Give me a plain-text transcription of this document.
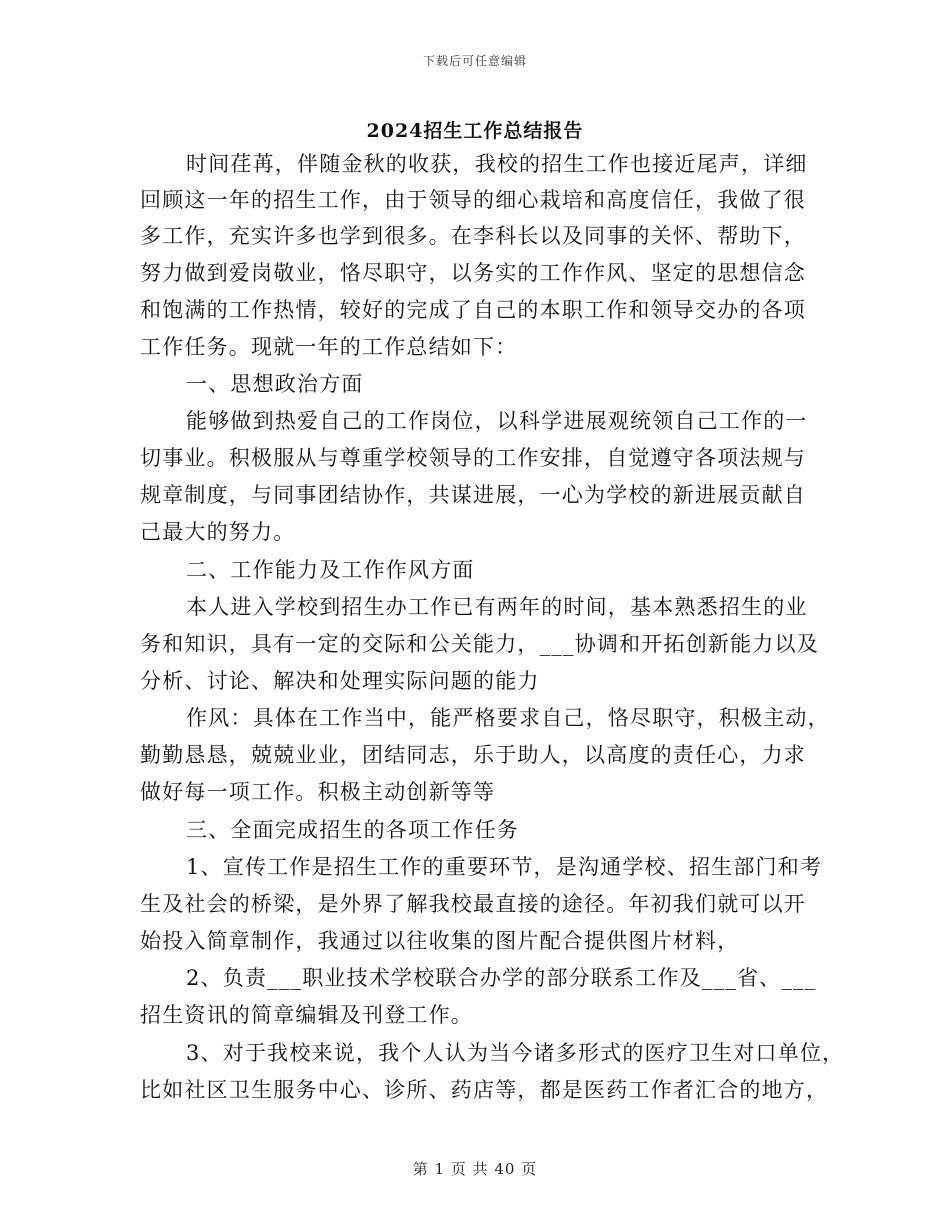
下载后可任意编辑
2024招生工作总结报告
时间荏苒，伴随金秋的收获，我校的招生工作也接近尾声，详细
回顾这一年的招生工作，由于领导的细心栽培和高度信任，我做了很
多工作，充实许多也学到很多。在李科长以及同事的关怀、帮助下，
努力做到爱岗敬业，恪尽职守，以务实的工作作风、坚定的思想信念
和饱满的工作热情，较好的完成了自己的本职工作和领导交办的各项
工作任务。现就一年的工作总结如下：
一、思想政治方面
能够做到热爱自己的工作岗位，以科学进展观统领自己工作的一
切事业。积极服从与尊重学校领导的工作安排，自觉遵守各项法规与
规章制度，与同事团结协作，共谋进展，一心为学校的新进展贡献自
己最大的努力。
二、工作能力及工作作风方面
本人进入学校到招生办工作已有两年的时间，基本熟悉招生的业
务和知识，具有一定的交际和公关能力，___协调和开拓创新能力以及
分析、讨论、解决和处理实际问题的能力
作风：具体在工作当中，能严格要求自己，恪尽职守，积极主动，
勤勤恳恳，兢兢业业，团结同志，乐于助人，以高度的责任心，力求
做好每一项工作。积极主动创新等等
三、全面完成招生的各项工作任务
1、宣传工作是招生工作的重要环节，是沟通学校、招生部门和考
生及社会的桥梁，是外界了解我校最直接的途径。年初我们就可以开
始投入简章制作，我通过以往收集的图片配合提供图片材料，
2、负责___职业技术学校联合办学的部分联系工作及___省、___
招生资讯的简章编辑及刊登工作。
3、对于我校来说，我个人认为当今诸多形式的医疗卫生对口单位，
比如社区卫生服务中心、诊所、药店等，都是医药工作者汇合的地方，
第 1 页 共 40 页
